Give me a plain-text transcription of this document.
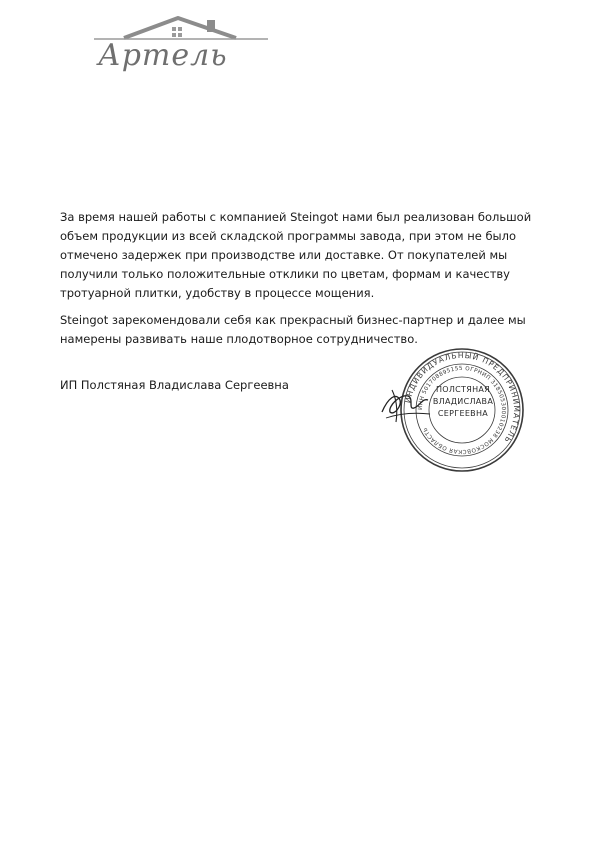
Артель

За время нашей работы с компанией Steingot нами был реализован большой объем продукции из всей складской программы завода, при этом не было отмечено задержек при производстве или доставке. От покупателей мы получили только положительные отклики по цветам, формам и качеству тротуарной плитки, удобству в процессе мощения.

Steingot зарекомендовали себя как прекрасный бизнес-партнер и далее мы намерены развивать наше плодотворное сотрудничество.

ИП Полстяная Владислава Сергеевна
ИНДИВИДУАЛЬНЫЙ ПРЕДПРИНИМАТЕЛЬ
ИНН 501708895155 ОГРНИП 318505300010238 МОСКОВСКАЯ ОБЛАСТЬ
ПОЛСТЯНАЯ
ВЛАДИСЛАВА
СЕРГЕЕВНА
